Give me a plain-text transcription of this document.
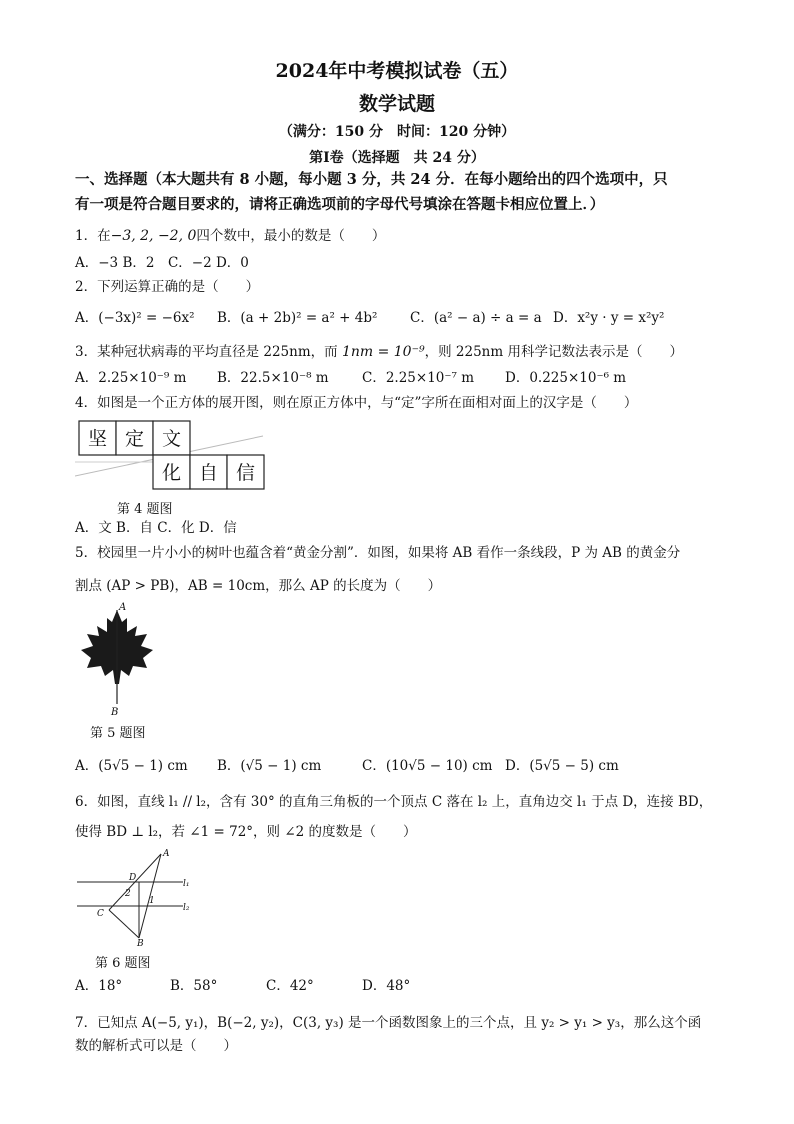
2024年中考模拟试卷（五）
数学试题
（满分：150 分　时间：120 分钟）
第Ⅰ卷（选择题　共 24 分）
一、选择题（本大题共有 8 小题，每小题 3 分，共 24 分．在每小题给出的四个选项中，只
有一项是符合题目要求的，请将正确选项前的字母代号填涂在答题卡相应位置上．）
1．在−3, 2, −2, 0四个数中，最小的数是（　　）
A．−3 B．2　C．−2 D．0
2．下列运算正确的是（　　）
A．(−3x)² = −6x² B．(a + 2b)² = a² + 4b² C．(a² − a) ÷ a = a D．x²y · y = x²y²
3．某种冠状病毒的平均直径是 225nm，而 1nm = 10⁻⁹，则 225nm 用科学记数法表示是（　　）
A．2.25×10⁻⁹ m B．22.5×10⁻⁸ m C．2.25×10⁻⁷ m D．0.225×10⁻⁶ m
4．如图是一个正方体的展开图，则在原正方体中，与“定”字所在面相对面上的汉字是（　　）
坚 定 文
化 自 信
第 4 题图
A．文 B．自 C．化 D．信
5．校园里一片小小的树叶也蕴含着“黄金分割”．如图，如果将 AB 看作一条线段，P 为 AB 的黄金分
割点 (AP > PB)，AB = 10cm，那么 AP 的长度为（　　）
A
B
第 5 题图
A．(5√5 − 1) cm B．(√5 − 1) cm	C．(10√5 − 10) cm D．(5√5 − 5) cm
6．如图，直线 l₁ // l₂，含有 30° 的直角三角板的一个顶点 C 落在 l₂ 上，直角边交 l₁ 于点 D，连接 BD，
使得 BD ⊥ l₂，若 ∠1 = 72°，则 ∠2 的度数是（　　）
A
B
C
D
2
1
l₁
l₂
第 6 题图
A．18°	B．58°	C．42°	D．48°
7．已知点 A(−5, y₁)，B(−2, y₂)，C(3, y₃) 是一个函数图象上的三个点，且 y₂ > y₁ > y₃，那么这个函
数的解析式可以是（　　）
